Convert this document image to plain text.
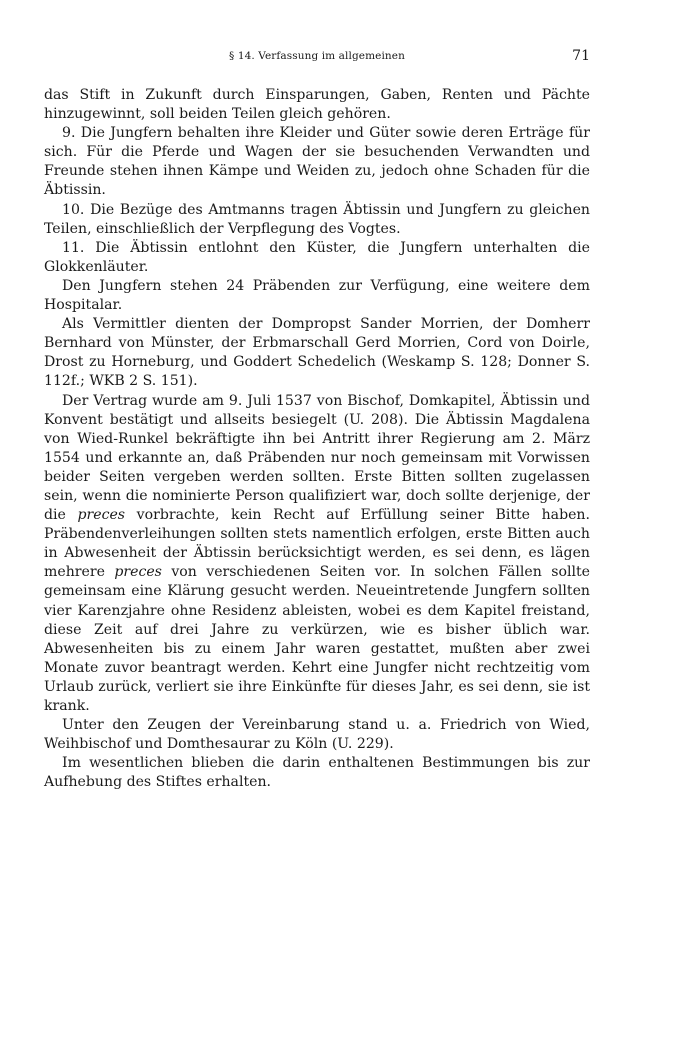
§ 14. Verfassung im allgemeinen	71

das Stift in Zukunft durch Einsparungen, Gaben, Renten und Pächte hinzugewinnt, soll beiden Teilen gleich gehören.

9. Die Jungfern behalten ihre Kleider und Güter sowie deren Erträge für sich. Für die Pferde und Wagen der sie besuchenden Verwandten und Freunde stehen ihnen Kämpe und Weiden zu, jedoch ohne Schaden für die Äbtissin.

10. Die Bezüge des Amtmanns tragen Äbtissin und Jungfern zu gleichen Teilen, einschließlich der Verpflegung des Vogtes.

11. Die Äbtissin entlohnt den Küster, die Jungfern unterhalten die Glokkenläuter.

Den Jungfern stehen 24 Präbenden zur Verfügung, eine weitere dem Hospitalar.

Als Vermittler dienten der Dompropst Sander Morrien, der Domherr Bernhard von Münster, der Erbmarschall Gerd Morrien, Cord von Doirle, Drost zu Horneburg, und Goddert Schedelich (Weskamp S. 128; Donner S. 112f.; WKB 2 S. 151).

Der Vertrag wurde am 9. Juli 1537 von Bischof, Domkapitel, Äbtissin und Konvent bestätigt und allseits besiegelt (U. 208). Die Äbtissin Magdalena von Wied-Runkel bekräftigte ihn bei Antritt ihrer Regierung am 2. März 1554 und erkannte an, daß Präbenden nur noch gemeinsam mit Vorwissen beider Seiten vergeben werden sollten. Erste Bitten sollten zugelassen sein, wenn die nominierte Person qualifiziert war, doch sollte derjenige, der die preces vorbrachte, kein Recht auf Erfüllung seiner Bitte haben. Präbendenverleihungen sollten stets namentlich erfolgen, erste Bitten auch in Abwesenheit der Äbtissin berücksichtigt werden, es sei denn, es lägen mehrere preces von verschiedenen Seiten vor. In solchen Fällen sollte gemeinsam eine Klärung gesucht werden. Neueintretende Jungfern sollten vier Karenzjahre ohne Residenz ableisten, wobei es dem Kapitel freistand, diese Zeit auf drei Jahre zu verkürzen, wie es bisher üblich war. Abwesenheiten bis zu einem Jahr waren gestattet, mußten aber zwei Monate zuvor beantragt werden. Kehrt eine Jungfer nicht rechtzeitig vom Urlaub zurück, verliert sie ihre Einkünfte für dieses Jahr, es sei denn, sie ist krank.

Unter den Zeugen der Vereinbarung stand u. a. Friedrich von Wied, Weihbischof und Domthesaurar zu Köln (U. 229).

Im wesentlichen blieben die darin enthaltenen Bestimmungen bis zur Aufhebung des Stiftes erhalten.
